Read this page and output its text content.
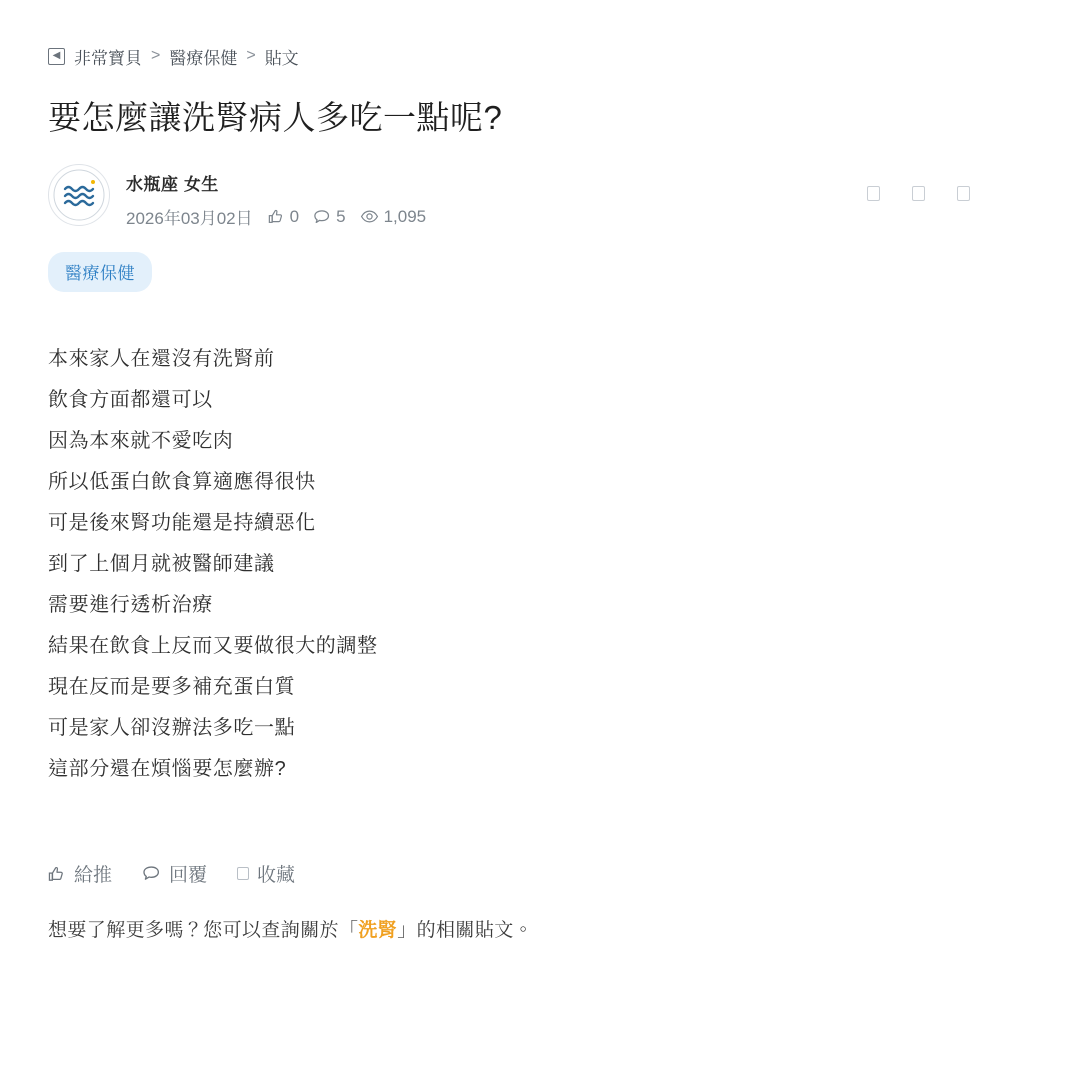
◀ 非常寶貝 > 醫療保健 > 貼文
要怎麼讓洗腎病人多吃一點呢?
水瓶座 女生
2026年03月02日 0 5 1,095
醫療保健
本來家人在還沒有洗腎前
飲食方面都還可以
因為本來就不愛吃肉
所以低蛋白飲食算適應得很快
可是後來腎功能還是持續惡化
到了上個月就被醫師建議
需要進行透析治療
結果在飲食上反而又要做很大的調整
現在反而是要多補充蛋白質
可是家人卻沒辦法多吃一點
這部分還在煩惱要怎麼辦?
給推	回覆	收藏
想要了解更多嗎？您可以查詢關於「洗腎」的相關貼文。
